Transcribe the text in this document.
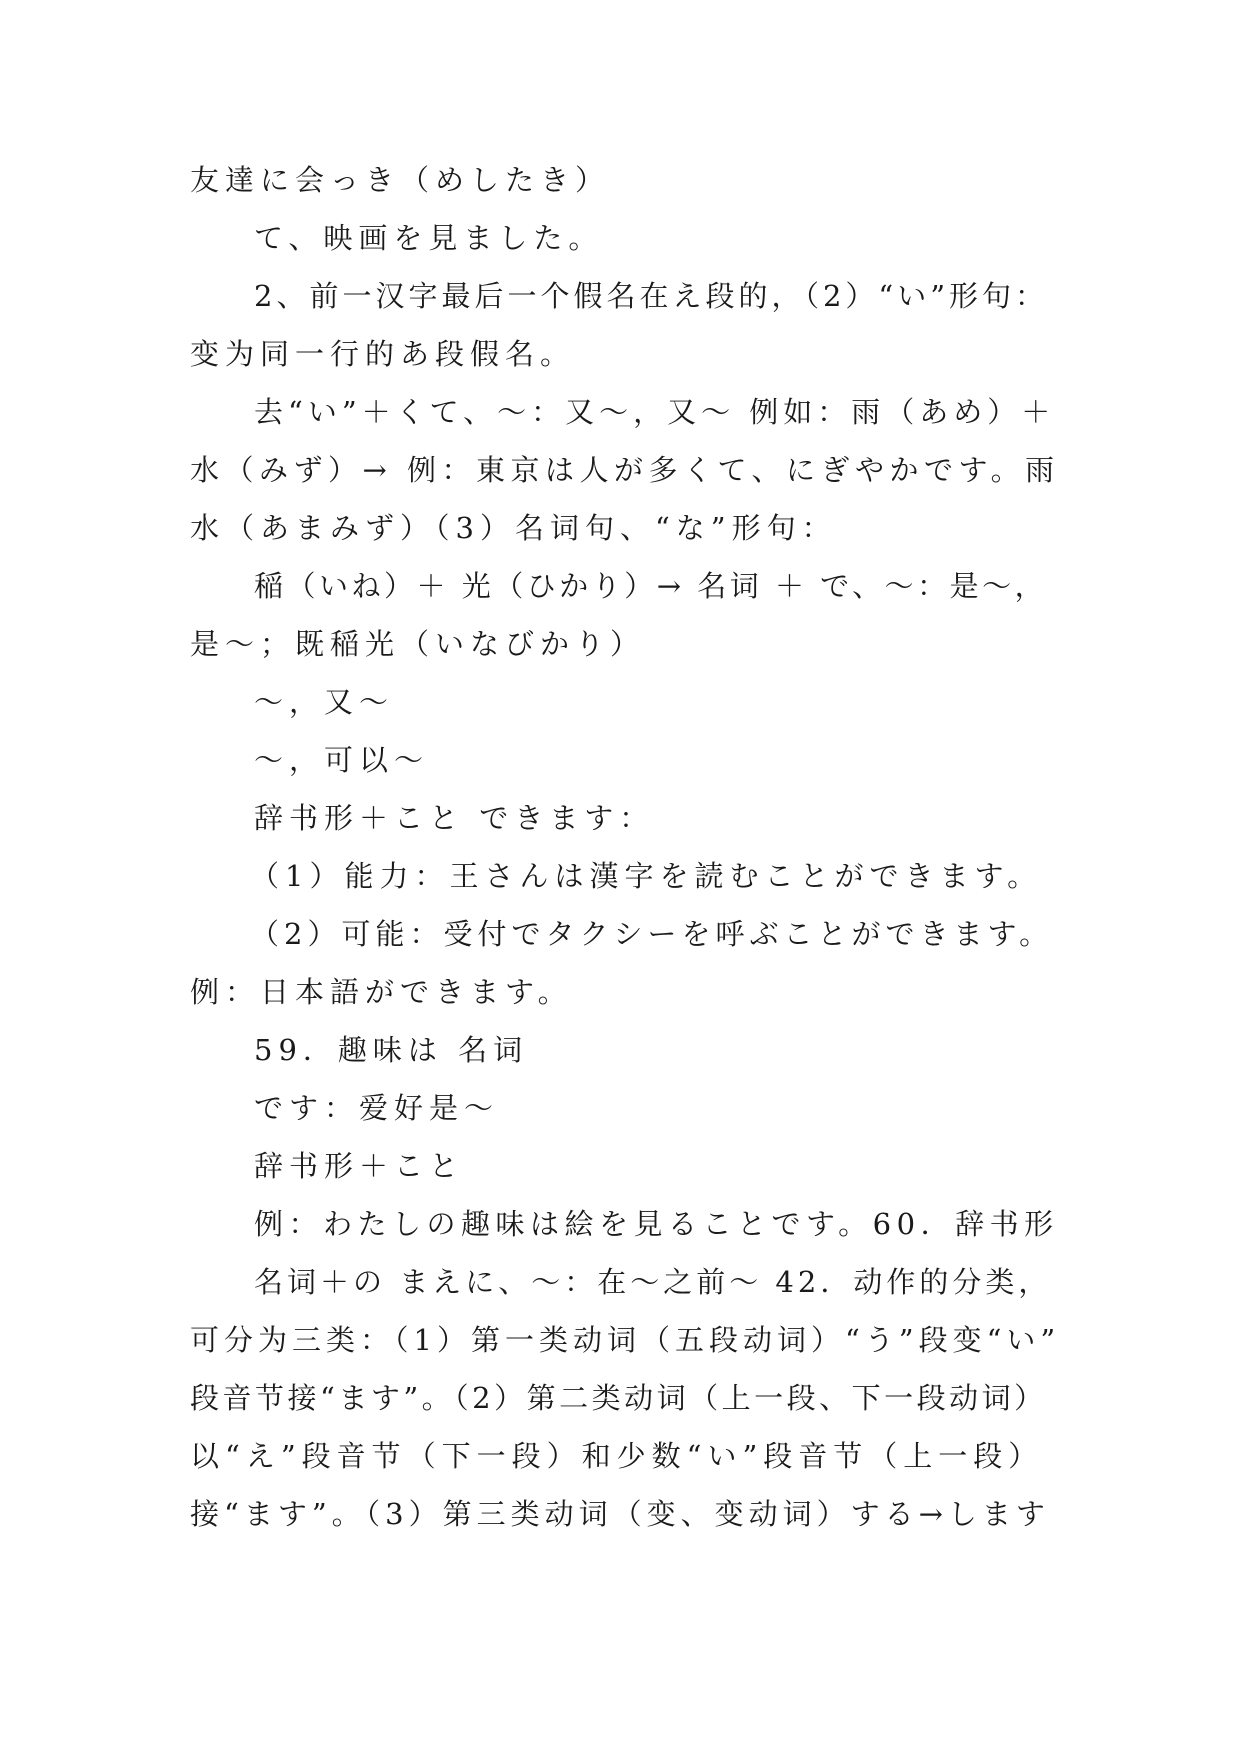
友達に会っき（めしたき）
て、映画を見ました。
2、前一汉字最后一个假名在え段的，（2）“い”形句：
变为同一行的あ段假名。
去“い”＋くて、～：又～，又～ 例如：雨（あめ）＋
水（みず）→ 例：東京は人が多くて、にぎやかです。雨
水（あまみず）（3）名词句、“な”形句：
稲（いね）＋ 光（ひかり）→ 名词 ＋ で、～：是～，
是～；既稲光（いなびかり）
～，又～
～，可以～
辞书形＋こと できます：
（1）能力：王さんは漢字を読むことができます。
（2）可能：受付でタクシーを呼ぶことができます。
例：日本語ができます。
59．趣味は 名词
です：爱好是～
辞书形＋こと
例：わたしの趣味は絵を見ることです。60．辞书形
名词＋の まえに、～：在～之前～ 42．动作的分类，
可分为三类：（1）第一类动词（五段动词）“う”段变“い”
段音节接“ます”。（2）第二类动词（上一段、下一段动词）
以“え”段音节（下一段）和少数“い”段音节（上一段）
接“ます”。（3）第三类动词（变、变动词）する→します
